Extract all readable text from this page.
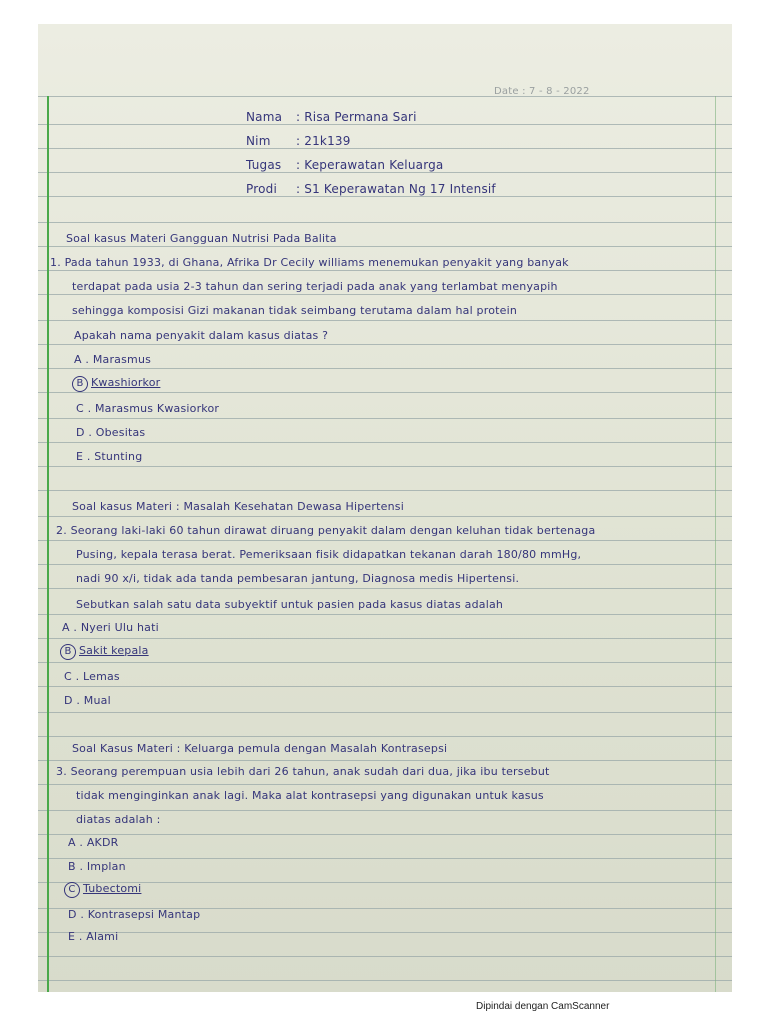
Date : 7 - 8 - 2022
Nama : Risa Permana Sari
Nim : 21k139
Tugas : Keperawatan Keluarga
Prodi : S1 Keperawatan Ng 17 Intensif
Soal kasus Materi Gangguan Nutrisi Pada Balita
1. Pada tahun 1933, di Ghana, Afrika Dr Cecily williams menemukan penyakit yang banyak
terdapat pada usia 2-3 tahun dan sering terjadi pada anak yang terlambat menyapih
sehingga komposisi Gizi makanan tidak seimbang terutama dalam hal protein
Apakah nama penyakit dalam kasus diatas ?
A . Marasmus
B Kwashiorkor
C . Marasmus Kwasiorkor
D . Obesitas
E . Stunting
Soal kasus Materi : Masalah Kesehatan Dewasa Hipertensi
2. Seorang laki-laki 60 tahun dirawat diruang penyakit dalam dengan keluhan tidak bertenaga
Pusing, kepala terasa berat. Pemeriksaan fisik didapatkan tekanan darah 180/80 mmHg,
nadi 90 x/i, tidak ada tanda pembesaran jantung, Diagnosa medis Hipertensi.
Sebutkan salah satu data subyektif untuk pasien pada kasus diatas adalah
A . Nyeri Ulu hati
B Sakit kepala
C . Lemas
D . Mual
Soal Kasus Materi : Keluarga pemula dengan Masalah Kontrasepsi
3. Seorang perempuan usia lebih dari 26 tahun, anak sudah dari dua, jika ibu tersebut
tidak menginginkan anak lagi. Maka alat kontrasepsi yang digunakan untuk kasus
diatas adalah :
A . AKDR
B . Implan
C Tubectomi
D . Kontrasepsi Mantap
E . Alami
Dipindai dengan CamScanner
